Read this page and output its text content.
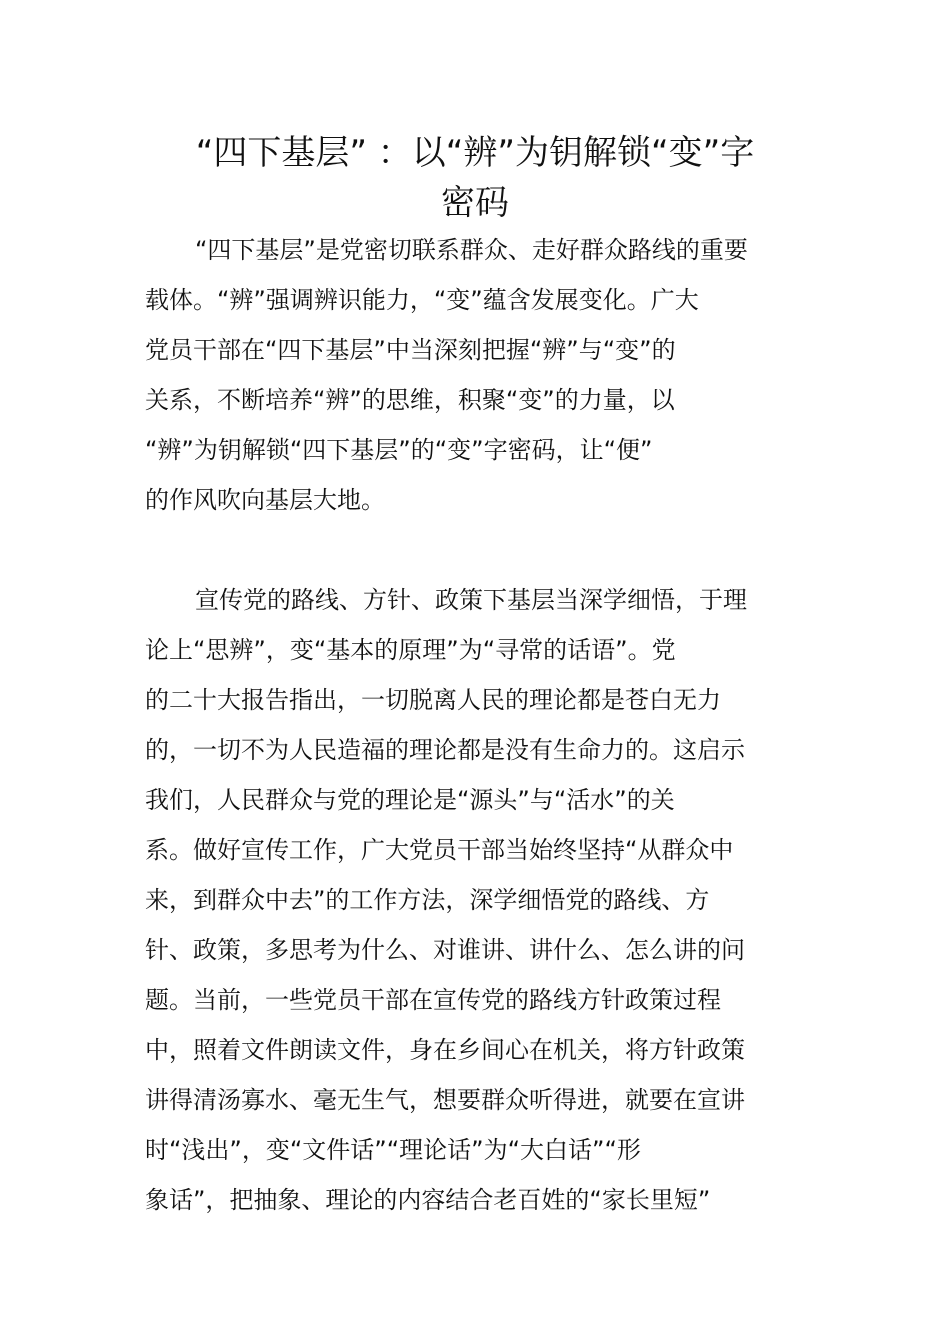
“四下基层” ：以“辨”为钥解锁“变”字
密码

“四下基层”是党密切联系群众、走好群众路线的重要
载体。“辨”强调辨识能力，“变”蕴含发展变化。广大
党员干部在“四下基层”中当深刻把握“辨”与“变”的
关系，不断培养“辨”的思维，积聚“变”的力量，以
“辨”为钥解锁“四下基层”的“变”字密码，让“便”
的作风吹向基层大地。

宣传党的路线、方针、政策下基层当深学细悟，于理
论上“思辨”，变“基本的原理”为“寻常的话语”。党
的二十大报告指出，一切脱离人民的理论都是苍白无力
的，一切不为人民造福的理论都是没有生命力的。这启示
我们，人民群众与党的理论是“源头”与“活水”的关
系。做好宣传工作，广大党员干部当始终坚持“从群众中
来，到群众中去”的工作方法，深学细悟党的路线、方
针、政策，多思考为什么、对谁讲、讲什么、怎么讲的问
题。当前，一些党员干部在宣传党的路线方针政策过程
中，照着文件朗读文件，身在乡间心在机关，将方针政策
讲得清汤寡水、毫无生气，想要群众听得进，就要在宣讲
时“浅出”，变“文件话”“理论话”为“大白话”“形
象话”，把抽象、理论的内容结合老百姓的“家长里短”
